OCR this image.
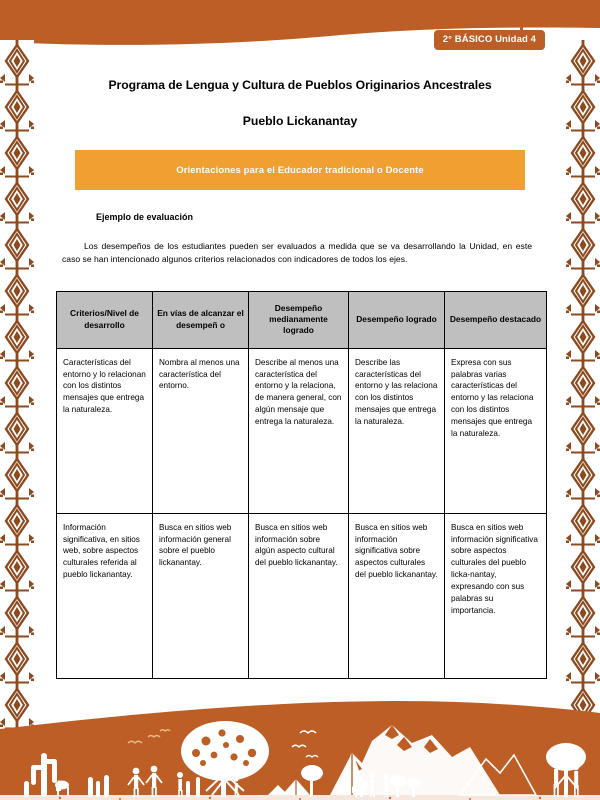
2° BÁSICO Unidad 4
Programa de Lengua y Cultura de Pueblos Originarios Ancestrales
Pueblo Lickanantay
Orientaciones para el Educador tradicional o Docente
Ejemplo de evaluación
Los desempeños de los estudiantes pueden ser evaluados a medida que se va desarrollando la Unidad, en este caso se han intencionado algunos criterios relacionados con indicadores de todos los ejes.
Criterios/Nivel de desarrollo	En vías de alcanzar el desempeñ o	Desempeño medianamente logrado	Desempeño logrado	Desempeño destacado
Características del entorno y lo relacionan con los distintos mensajes que entrega la naturaleza.	Nombra al menos una característica del entorno.	Describe al menos una característica del entorno y la relaciona, de manera general, con algún mensaje que entrega la naturaleza.	Describe las características del entorno y las relaciona con los distintos mensajes que entrega la naturaleza.	Expresa con sus palabras varias características del entorno y las relaciona con los distintos mensajes que entrega la naturaleza.
Información significativa, en sitios web, sobre aspectos culturales referida al pueblo lickanantay.	Busca en sitios web información general sobre el pueblo lickanantay.	Busca en sitios web información sobre algún aspecto cultural del pueblo lickanantay.	Busca en sitios web información significativa sobre aspectos culturales del pueblo lickanantay.	Busca en sitios web información significativa sobre aspectos culturales del pueblo licka-nantay, expresando con sus palabras su importancia.
